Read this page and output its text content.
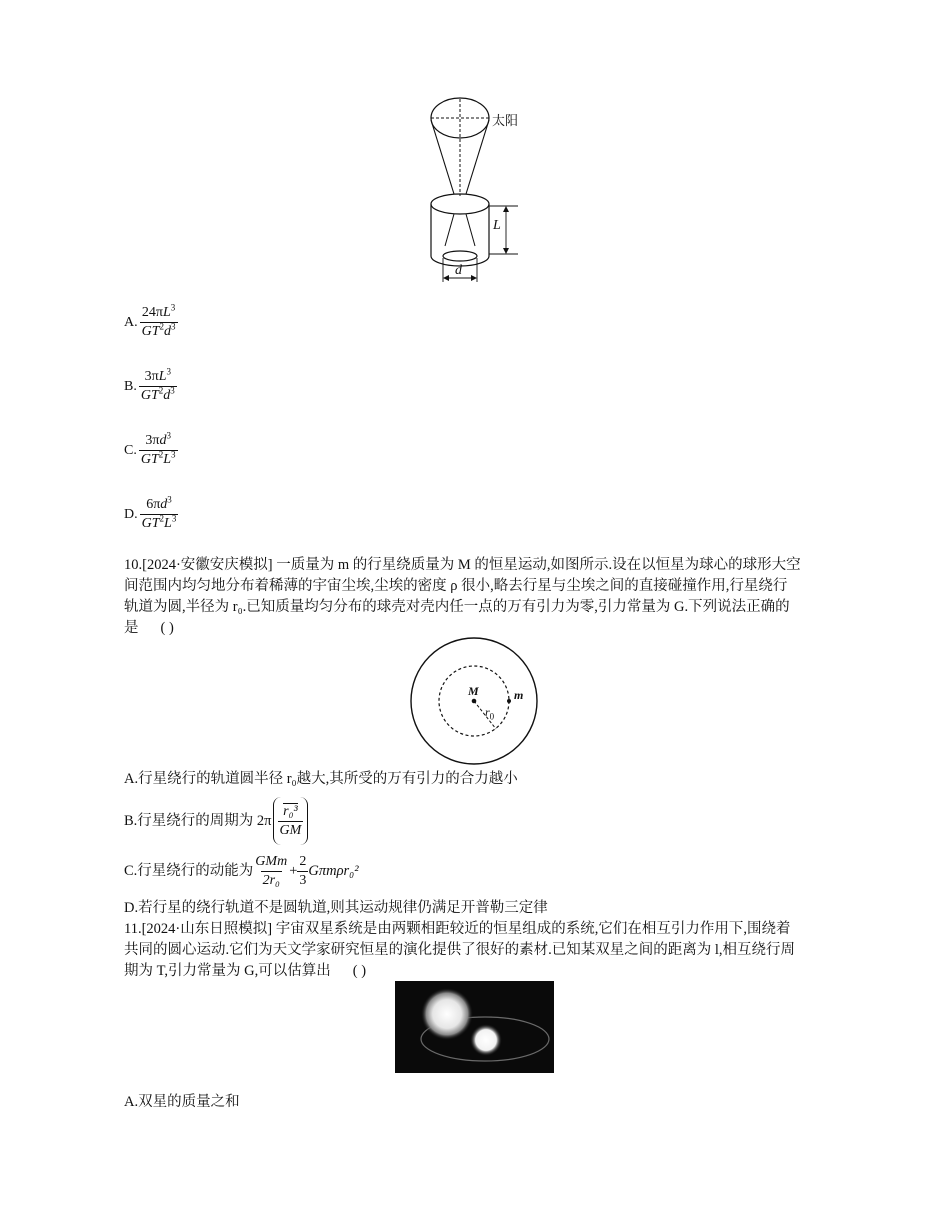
太阳
L
d
A. $\frac{24\pi L^3}{GT^2d^3}$
B. $\frac{3\pi L^3}{GT^2d^3}$
C. $\frac{3\pi d^3}{GT^2L^3}$
D. $\frac{6\pi d^3}{GT^2L^3}$
10.[2024·安徽安庆模拟] 一质量为 m 的行星绕质量为 M 的恒星运动,如图所示.设在以恒星为球心的球形大空
间范围内均匀地分布着稀薄的宇宙尘埃,尘埃的密度 ρ 很小,略去行星与尘埃之间的直接碰撞作用,行星绕行
轨道为圆,半径为 r₀.已知质量均匀分布的球壳对壳内任一点的万有引力为零,引力常量为 G.下列说法正确的
是 ( )
M	m
$r_0$
A.行星绕行的轨道圆半径 r₀越大,其所受的万有引力的合力越小
B.行星绕行的周期为 $2\pi \frac{\text{r₀³}}{GM}$
C.行星绕行的动能为 $\frac{\text{GMm}}{\text{2r₀}} + \frac{2}{3} G\pi m\rho r_0^2$
D.若行星的绕行轨道不是圆轨道,则其运动规律仍满足开普勒三定律
11.[2024·山东日照模拟] 宇宙双星系统是由两颗相距较近的恒星组成的系统,它们在相互引力作用下,围绕着
共同的圆心运动.它们为天文学家研究恒星的演化提供了很好的素材.已知某双星之间的距离为 l,相互绕行周
期为 T,引力常量为 G,可以估算出 ( )
A.双星的质量之和
